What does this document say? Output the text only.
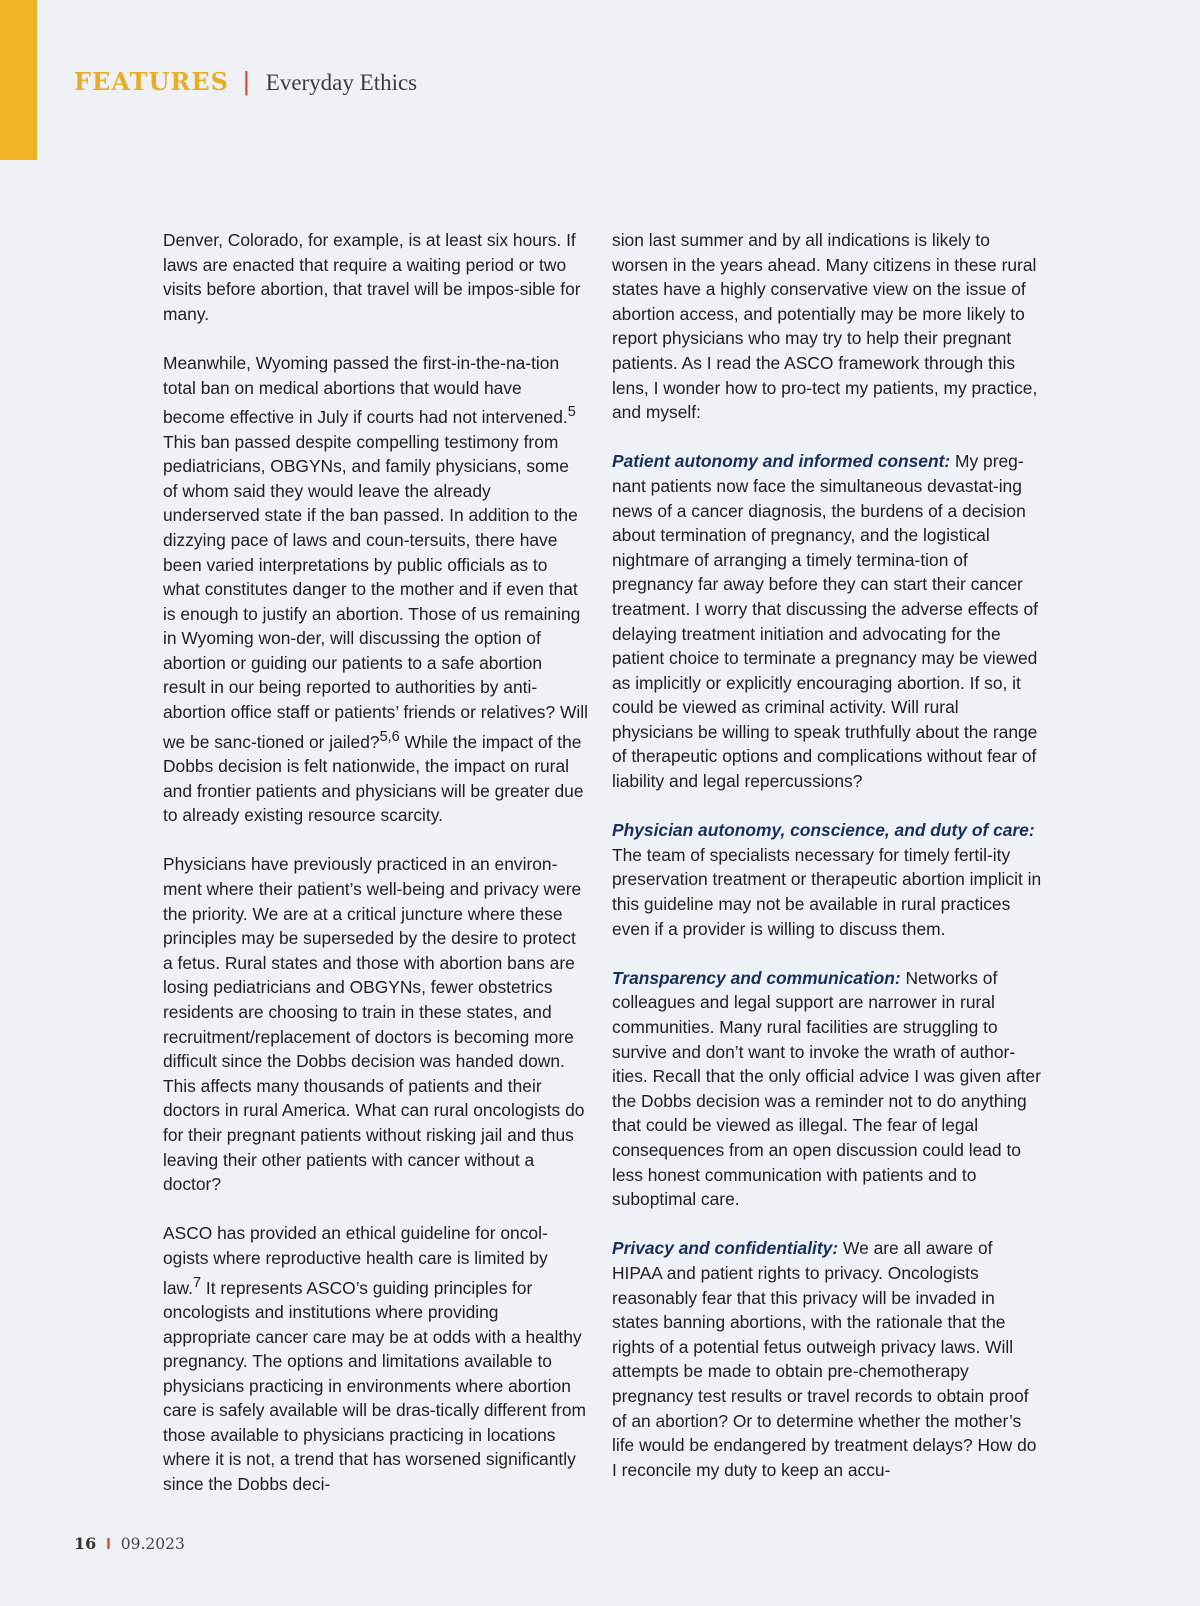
FEATURES | Everyday Ethics

Denver, Colorado, for example, is at least six hours. If laws are enacted that require a waiting period or two visits before abortion, that travel will be impos-sible for many.

Meanwhile, Wyoming passed the first-in-the-na-tion total ban on medical abortions that would have become effective in July if courts had not intervened.$^5$ This ban passed despite compelling testimony from pediatricians, OBGYNs, and family physicians, some of whom said they would leave the already underserved state if the ban passed. In addition to the dizzying pace of laws and coun-tersuits, there have been varied interpretations by public officials as to what constitutes danger to the mother and if even that is enough to justify an abortion. Those of us remaining in Wyoming won-der, will discussing the option of abortion or guiding our patients to a safe abortion result in our being reported to authorities by anti-abortion office staff or patients’ friends or relatives? Will we be sanc-tioned or jailed?$^{5,6}$ While the impact of the Dobbs decision is felt nationwide, the impact on rural and frontier patients and physicians will be greater due to already existing resource scarcity.

Physicians have previously practiced in an environ-ment where their patient’s well-being and privacy were the priority. We are at a critical juncture where these principles may be superseded by the desire to protect a fetus. Rural states and those with abortion bans are losing pediatricians and OBGYNs, fewer obstetrics residents are choosing to train in these states, and recruitment/replacement of doctors is becoming more difficult since the Dobbs decision was handed down. This affects many thousands of patients and their doctors in rural America. What can rural oncologists do for their pregnant patients without risking jail and thus leaving their other patients with cancer without a doctor?

ASCO has provided an ethical guideline for oncol-ogists where reproductive health care is limited by law.$^7$ It represents ASCO’s guiding principles for oncologists and institutions where providing appropriate cancer care may be at odds with a healthy pregnancy. The options and limitations available to physicians practicing in environments where abortion care is safely available will be dras-tically different from those available to physicians practicing in locations where it is not, a trend that has worsened significantly since the Dobbs deci-

sion last summer and by all indications is likely to worsen in the years ahead. Many citizens in these rural states have a highly conservative view on the issue of abortion access, and potentially may be more likely to report physicians who may try to help their pregnant patients. As I read the ASCO framework through this lens, I wonder how to pro-tect my patients, my practice, and myself:

Patient autonomy and informed consent: My preg-nant patients now face the simultaneous devastat-ing news of a cancer diagnosis, the burdens of a decision about termination of pregnancy, and the logistical nightmare of arranging a timely termina-tion of pregnancy far away before they can start their cancer treatment. I worry that discussing the adverse effects of delaying treatment initiation and advocating for the patient choice to terminate a pregnancy may be viewed as implicitly or explicitly encouraging abortion. If so, it could be viewed as criminal activity. Will rural physicians be willing to speak truthfully about the range of therapeutic options and complications without fear of liability and legal repercussions?

Physician autonomy, conscience, and duty of care: The team of specialists necessary for timely fertil-ity preservation treatment or therapeutic abortion implicit in this guideline may not be available in rural practices even if a provider is willing to discuss them.

Transparency and communication: Networks of colleagues and legal support are narrower in rural communities. Many rural facilities are struggling to survive and don’t want to invoke the wrath of author-ities. Recall that the only official advice I was given after the Dobbs decision was a reminder not to do anything that could be viewed as illegal. The fear of legal consequences from an open discussion could lead to less honest communication with patients and to suboptimal care.

Privacy and confidentiality: We are all aware of HIPAA and patient rights to privacy. Oncologists reasonably fear that this privacy will be invaded in states banning abortions, with the rationale that the rights of a potential fetus outweigh privacy laws. Will attempts be made to obtain pre-chemotherapy pregnancy test results or travel records to obtain proof of an abortion? Or to determine whether the mother’s life would be endangered by treatment delays? How do I reconcile my duty to keep an accu-

16 I 09.2023
